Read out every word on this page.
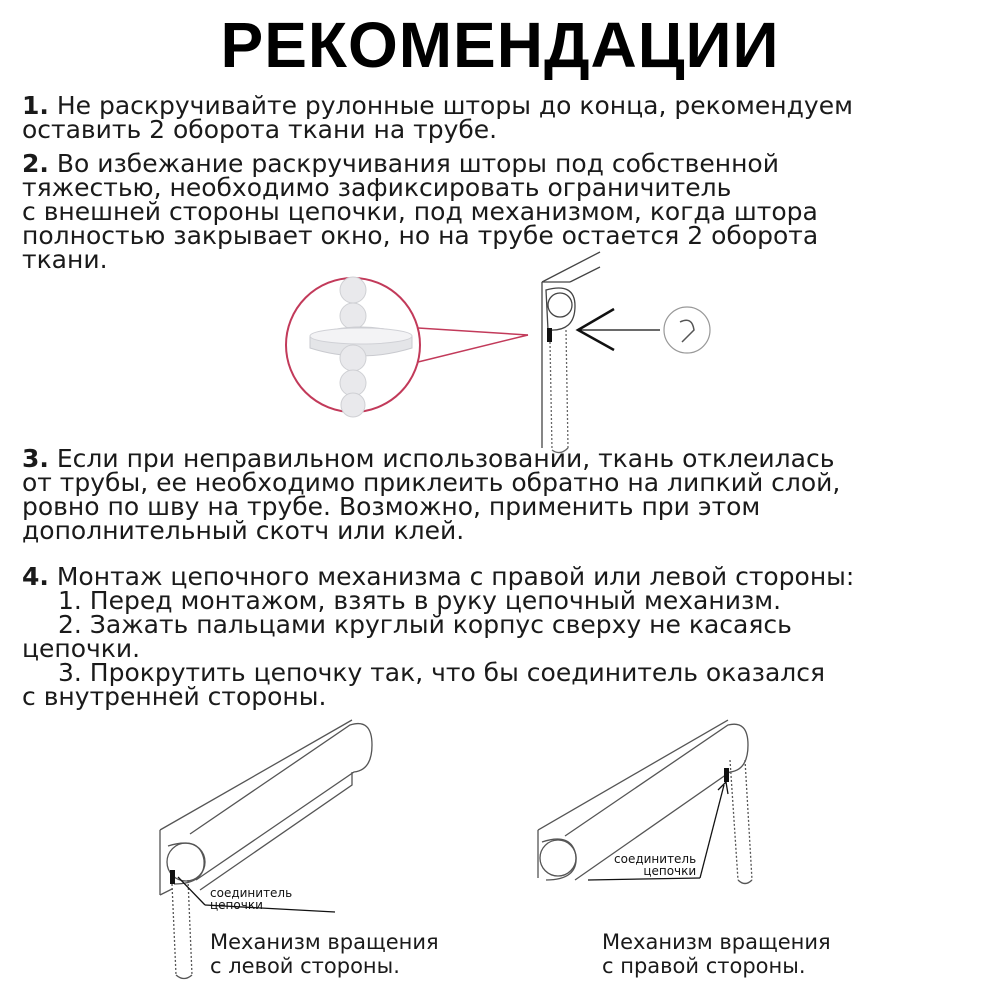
РЕКОМЕНДАЦИИ
1. Не раскручивайте рулонные шторы до конца, рекомендуем
оставить 2 оборота ткани на трубе.
2. Во избежание раскручивания шторы под собственной
тяжестью, необходимо зафиксировать ограничитель
с внешней стороны цепочки, под механизмом, когда штора
полностью закрывает окно, но на трубе остается 2 оборота
ткани.
3. Если при неправильном использовании, ткань отклеилась
от трубы, ее необходимо приклеить обратно на липкий слой,
ровно по шву на трубе. Возможно, применить при этом
дополнительный скотч или клей.
4. Монтаж цепочного механизма с правой или левой стороны:
1. Перед монтажом, взять в руку цепочный механизм.
2. Зажать пальцами круглый корпус сверху не касаясь
цепочки.
3. Прокрутить цепочку так, что бы соединитель оказался
с внутренней стороны.
соединитель
цепочки
соединитель
цепочки
Механизм вращения
с левой стороны.
Механизм вращения
с правой стороны.
